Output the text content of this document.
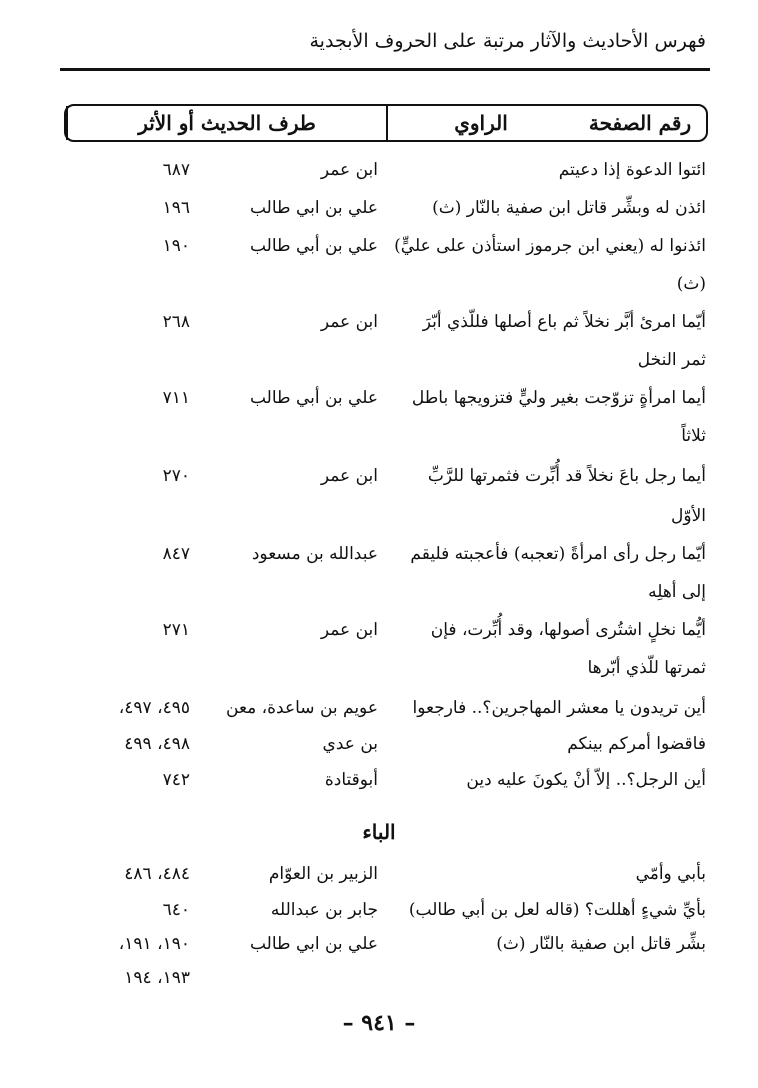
فهرس الأحاديث والآثار مرتبة على الحروف الأبجدية
طرف الحديث أو الأثر	الراوي	رقم الصفحة
ائتوا الدعوة إذا دعيتم
ابن عمر
٦٨٧
ائذن له وبشِّر قاتل ابن صفية بالنّار (ث)
علي بن ابي طالب
١٩٦
ائذنوا له (يعني ابن جرموز استأذن على عليٍّ)
علي بن أبي طالب
١٩٠
(ث)
أيّما امرئ أبَّر نخلاً ثم باع أصلها فللّذي أبّرَ
ابن عمر
٢٦٨
ثمر النخل
أيما امرأةٍ تزوّجت بغير وليٍّ فتزويجها باطل
علي بن أبي طالب
٧١١
ثلاثاً
أيما رجل باعَ نخلاً قد أُبِّرت فثمرتها للرَّبِّ
ابن عمر
٢٧٠
الأوّل
أيّما رجل رأى امرأةً (تعجبه) فأعجبته فليقم
عبدالله بن مسعود
٨٤٧
إلى أهلِه
أيُّما نخلٍ اشتُرى أصولها، وقد أُبِّرت، فإن
ابن عمر
٢٧١
ثمرتها للّذي أبّرها
أين تريدون يا معشر المهاجرين؟.. فارجعوا
عويم بن ساعدة، معن
٤٩٥، ٤٩٧،
فاقضوا أمركم بينكم
بن عدي
٤٩٨، ٤٩٩
أين الرجل؟.. إلاّ أنْ يكونَ عليه دين
أبوقتادة
٧٤٢
الباء
بأبي وأمّي
الزبير بن العوّام
٤٨٤، ٤٨٦
بأيِّ شيءٍ أهللت؟ (قاله لعل بن أبي طالب)
جابر بن عبدالله
٦٤٠
بشِّر قاتل ابن صفية بالنّار (ث)
علي بن ابي طالب
١٩٠، ١٩١،
١٩٣، ١٩٤
– ٩٤١ –
